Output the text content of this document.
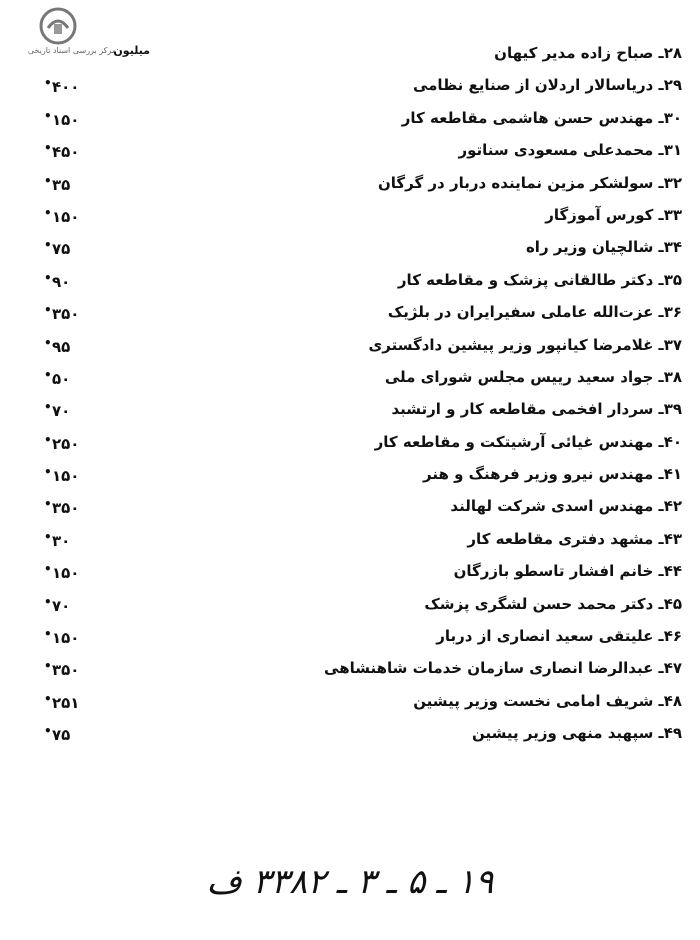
مرکز بررسی اسناد تاریخی
میلیون	۲۸ـ صباح زاده مدیر کیهان
۲۹ـ دریاسالار اردلان از صنایع نظامی
• ۴۰۰
۳۰ـ مهندس حسن هاشمی مقاطعه کار
• ۱۵۰
۳۱ـ محمدعلی مسعودی سناتور
• ۴۵۰
۳۲ـ سولشکر مزین نماینده دربار در گرگان
• ۳۵
۳۳ـ کورس آموزگار
• ۱۵۰
۳۴ـ شالچیان وزیر راه
• ۷۵
۳۵ـ دکتر طالقانی پزشک و مقاطعه کار
• ۹۰
۳۶ـ عزت‌الله عاملی سفیرایران در بلژیک
• ۳۵۰
۳۷ـ غلامرضا کیانپور وزیر پیشین دادگستری
• ۹۵
۳۸ـ جواد سعید رییس مجلس شورای ملی
• ۵۰
۳۹ـ سردار افخمی مقاطعه کار و ارتشبد
• ۷۰
۴۰ـ مهندس غیائی آرشیتکت و مقاطعه کار
• ۲۵۰
۴۱ـ مهندس نیرو وزیر فرهنگ و هنر
• ۱۵۰
۴۲ـ مهندس اسدی شرکت لهالند
• ۳۵۰
۴۳ـ مشهد دفتری مقاطعه کار
• ۳۰
۴۴ـ خانم افشار تاسطو بازرگان
• ۱۵۰
۴۵ـ دکتر محمد حسن لشگری پزشک
• ۷۰
۴۶ـ علیتقی سعید انصاری از دربار
• ۱۵۰
۴۷ـ عبدالرضا انصاری سازمان خدمات شاهنشاهی
• ۳۵۰
۴۸ـ شریف امامی نخست وزیر پیشین
• ۲۵۱
۴۹ـ سپهبد منهی وزیر پیشین
• ۷۵
۱۹ ـ ۵ ـ ۳ ـ ۳۳۸۲ ف
